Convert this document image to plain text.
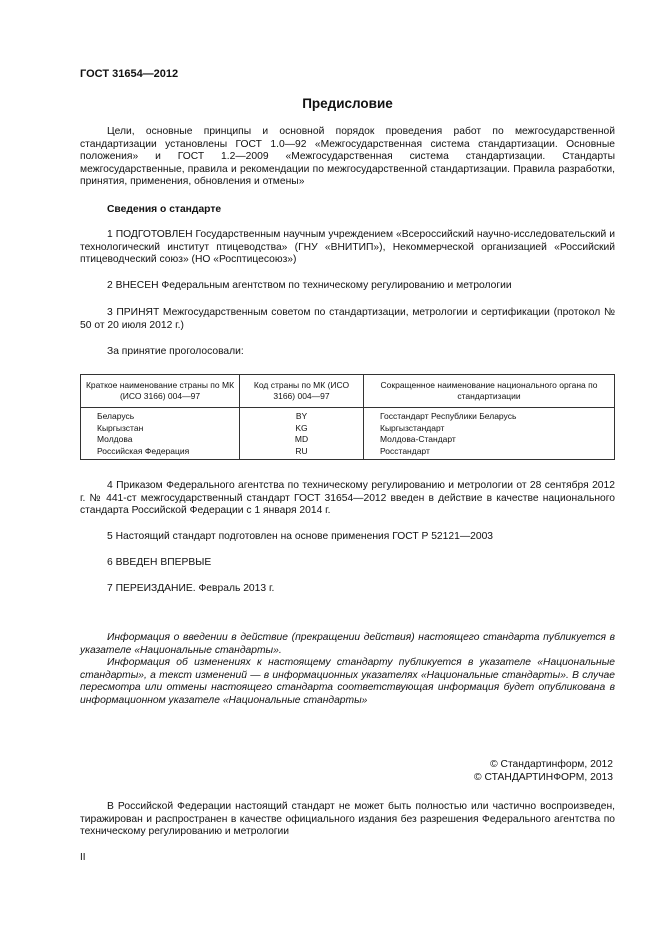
ГОСТ 31654—2012
Предисловие

Цели, основные принципы и основной порядок проведения работ по межгосударственной стандартизации установлены ГОСТ 1.0—92 «Межгосударственная система стандартизации. Основные положения» и ГОСТ 1.2—2009 «Межгосударственная система стандартизации. Стандарты межгосударственные, правила и рекомендации по межгосударственной стандартизации. Правила разработки, принятия, применения, обновления и отмены»

Сведения о стандарте

1 ПОДГОТОВЛЕН Государственным научным учреждением «Всероссийский научно-исследовательский и технологический институт птицеводства» (ГНУ «ВНИТИП»), Некоммерческой организацией «Российский птицеводческий союз» (НО «Росптицесоюз»)

2 ВНЕСЕН Федеральным агентством по техническому регулированию и метрологии

3 ПРИНЯТ Межгосударственным советом по стандартизации, метрологии и сертификации (протокол № 50 от 20 июля 2012 г.)

За принятие проголосовали:

Краткое наименование страны по МК (ИСО 3166) 004—97	Код страны по МК (ИСО 3166) 004—97	Сокращенное наименование национального органа по стандартизации
Беларусь	BY	Госстандарт Республики Беларусь
Кыргызстан	KG	Кыргызстандарт
Молдова	MD	Молдова-Стандарт
Российская Федерация	RU	Росстандарт

4 Приказом Федерального агентства по техническому регулированию и метрологии от 28 сентября 2012 г. № 441-ст межгосударственный стандарт ГОСТ 31654—2012 введен в действие в качестве национального стандарта Российской Федерации с 1 января 2014 г.

5 Настоящий стандарт подготовлен на основе применения ГОСТ Р 52121—2003

6 ВВЕДЕН ВПЕРВЫЕ

7 ПЕРЕИЗДАНИЕ. Февраль 2013 г.

Информация о введении в действие (прекращении действия) настоящего стандарта публикуется в указателе «Национальные стандарты».

Информация об изменениях к настоящему стандарту публикуется в указателе «Национальные стандарты», а текст изменений — в информационных указателях «Национальные стандарты». В случае пересмотра или отмены настоящего стандарта соответствующая информация будет опубликована в информационном указателе «Национальные стандарты»

© Стандартинформ, 2012
© СТАНДАРТИНФОРМ, 2013

В Российской Федерации настоящий стандарт не может быть полностью или частично воспроизведен, тиражирован и распространен в качестве официального издания без разрешения Федерального агентства по техническому регулированию и метрологии

II
